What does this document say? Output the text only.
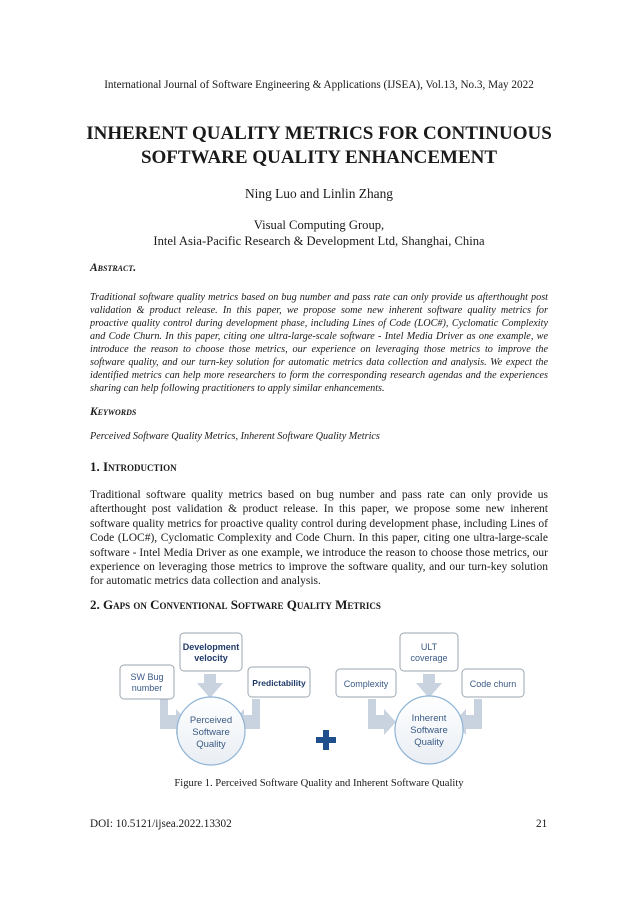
International Journal of Software Engineering & Applications (IJSEA), Vol.13, No.3, May 2022
INHERENT QUALITY METRICS FOR CONTINUOUS
SOFTWARE QUALITY ENHANCEMENT
Ning Luo and Linlin Zhang
Visual Computing Group,
Intel Asia-Pacific Research & Development Ltd, Shanghai, China
Abstract.
Traditional software quality metrics based on bug number and pass rate can only provide us afterthought post validation & product release. In this paper, we propose some new inherent software quality metrics for proactive quality control during development phase, including Lines of Code (LOC#), Cyclomatic Complexity and Code Churn. In this paper, citing one ultra-large-scale software - Intel Media Driver as one example, we introduce the reason to choose those metrics, our experience on leveraging those metrics to improve the software quality, and our turn-key solution for automatic metrics data collection and analysis. We expect the identified metrics can help more researchers to form the corresponding research agendas and the experiences sharing can help following practitioners to apply similar enhancements.
Keywords
Perceived Software Quality Metrics, Inherent Software Quality Metrics
1. Introduction
Traditional software quality metrics based on bug number and pass rate can only provide us afterthought post validation & product release. In this paper, we propose some new inherent software quality metrics for proactive quality control during development phase, including Lines of Code (LOC#), Cyclomatic Complexity and Code Churn. In this paper, citing one ultra-large-scale software - Intel Media Driver as one example, we introduce the reason to choose those metrics, our experience on leveraging those metrics to improve the software quality, and our turn-key solution for automatic metrics data collection and analysis.
2. Gaps on Conventional Software Quality Metrics
Development
velocity
SW Bug
number	Predictability
Perceived
Software
Quality
ULT
coverage
Complexity	Code churn
Inherent
Software
Quality
Figure 1. Perceived Software Quality and Inherent Software Quality
DOI: 10.5121/ijsea.2022.13302	21
